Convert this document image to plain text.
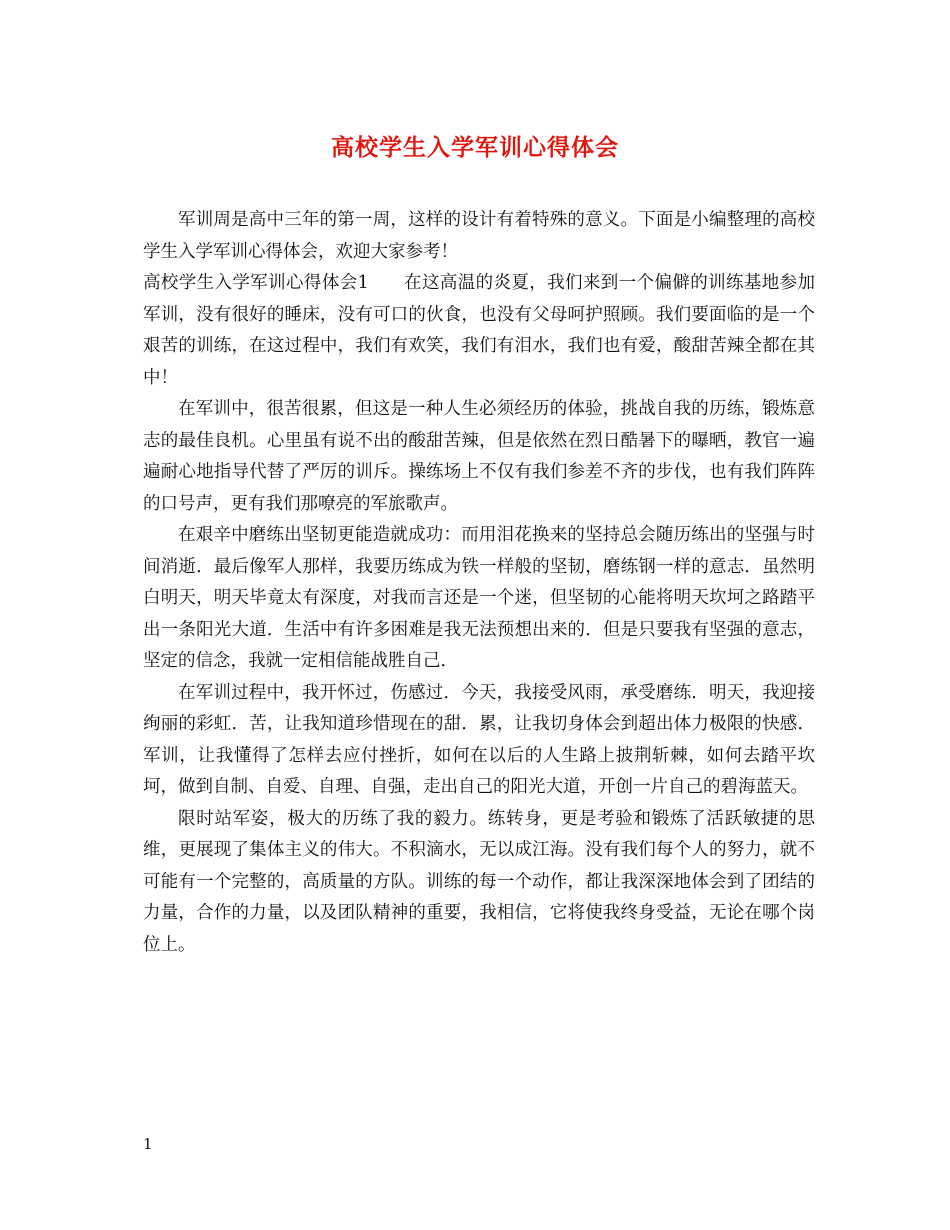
高校学生入学军训心得体会

军训周是高中三年的第一周，这样的设计有着特殊的意义。下面是小编整理的高校学生入学军训心得体会，欢迎大家参考！

高校学生入学军训心得体会1   在这高温的炎夏，我们来到一个偏僻的训练基地参加军训，没有很好的睡床，没有可口的伙食，也没有父母呵护照顾。我们要面临的是一个艰苦的训练，在这过程中，我们有欢笑，我们有泪水，我们也有爱，酸甜苦辣全都在其中！

在军训中，很苦很累，但这是一种人生必须经历的体验，挑战自我的历练，锻炼意志的最佳良机。心里虽有说不出的酸甜苦辣，但是依然在烈日酷暑下的曝晒，教官一遍遍耐心地指导代替了严厉的训斥。操练场上不仅有我们参差不齐的步伐，也有我们阵阵的口号声，更有我们那嘹亮的军旅歌声。

在艰辛中磨练出坚韧更能造就成功：而用泪花换来的坚持总会随历练出的坚强与时间消逝．最后像军人那样，我要历练成为铁一样般的坚韧，磨练钢一样的意志．虽然明白明天，明天毕竟太有深度，对我而言还是一个迷，但坚韧的心能将明天坎坷之路踏平出一条阳光大道．生活中有许多困难是我无法预想出来的．但是只要我有坚强的意志，坚定的信念，我就一定相信能战胜自己．

在军训过程中，我开怀过，伤感过．今天，我接受风雨，承受磨练．明天，我迎接绚丽的彩虹．苦，让我知道珍惜现在的甜．累，让我切身体会到超出体力极限的快感．军训，让我懂得了怎样去应付挫折，如何在以后的人生路上披荆斩棘，如何去踏平坎坷，做到自制、自爱、自理、自强，走出自己的阳光大道，开创一片自己的碧海蓝天。

限时站军姿，极大的历练了我的毅力。练转身，更是考验和锻炼了活跃敏捷的思维，更展现了集体主义的伟大。不积滴水，无以成江海。没有我们每个人的努力，就不可能有一个完整的，高质量的方队。训练的每一个动作，都让我深深地体会到了团结的力量，合作的力量，以及团队精神的重要，我相信，它将使我终身受益，无论在哪个岗位上。

1
